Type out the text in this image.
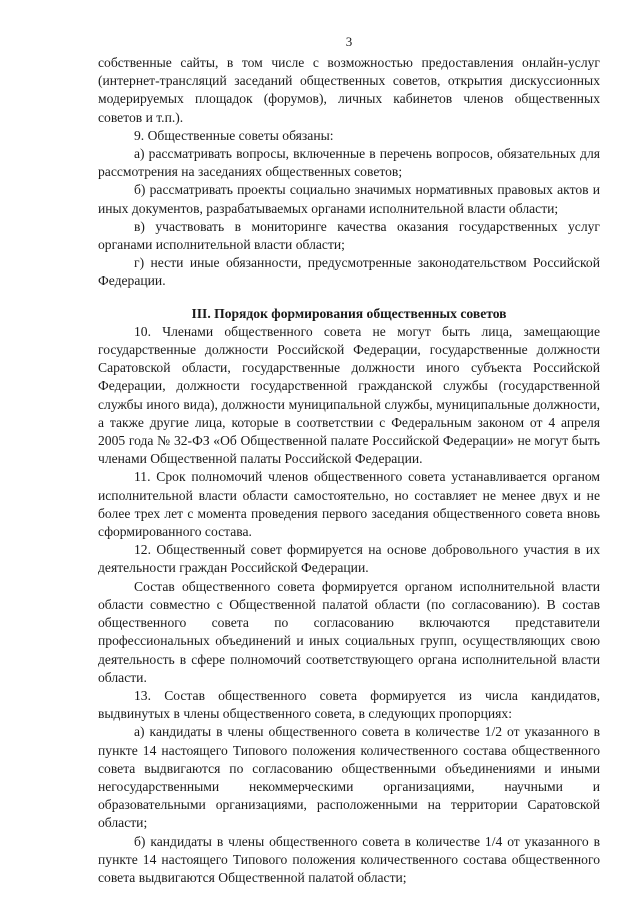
3

собственные сайты, в том числе с возможностью предоставления онлайн-услуг (интернет-трансляций заседаний общественных советов, открытия дискуссионных модерируемых площадок (форумов), личных кабинетов членов общественных советов и т.п.).

9. Общественные советы обязаны:

а) рассматривать вопросы, включенные в перечень вопросов, обязательных для рассмотрения на заседаниях общественных советов;

б) рассматривать проекты социально значимых нормативных правовых актов и иных документов, разрабатываемых органами исполнительной власти области;

в) участвовать в мониторинге качества оказания государственных услуг органами исполнительной власти области;

г) нести иные обязанности, предусмотренные законодательством Российской Федерации.

III. Порядок формирования общественных советов

10. Членами общественного совета не могут быть лица, замещающие государственные должности Российской Федерации, государственные должности Саратовской области, государственные должности иного субъекта Российской Федерации, должности государственной гражданской службы (государственной службы иного вида), должности муниципальной службы, муниципальные должности, а также другие лица, которые в соответствии с Федеральным законом от 4 апреля 2005 года № 32-ФЗ «Об Общественной палате Российской Федерации» не могут быть членами Общественной палаты Российской Федерации.

11. Срок полномочий членов общественного совета устанавливается органом исполнительной власти области самостоятельно, но составляет не менее двух и не более трех лет с момента проведения первого заседания общественного совета вновь сформированного состава.

12. Общественный совет формируется на основе добровольного участия в их деятельности граждан Российской Федерации.

Состав общественного совета формируется органом исполнительной власти области совместно с Общественной палатой области (по согласованию). В состав общественного совета по согласованию включаются представители профессиональных объединений и иных социальных групп, осуществляющих свою деятельность в сфере полномочий соответствующего органа исполнительной власти области.

13. Состав общественного совета формируется из числа кандидатов, выдвинутых в члены общественного совета, в следующих пропорциях:

а) кандидаты в члены общественного совета в количестве 1/2 от указанного в пункте 14 настоящего Типового положения количественного состава общественного совета выдвигаются по согласованию общественными объединениями и иными негосударственными некоммерческими организациями, научными и образовательными организациями, расположенными на территории Саратовской области;

б) кандидаты в члены общественного совета в количестве 1/4 от указанного в пункте 14 настоящего Типового положения количественного состава общественного совета выдвигаются Общественной палатой области;
